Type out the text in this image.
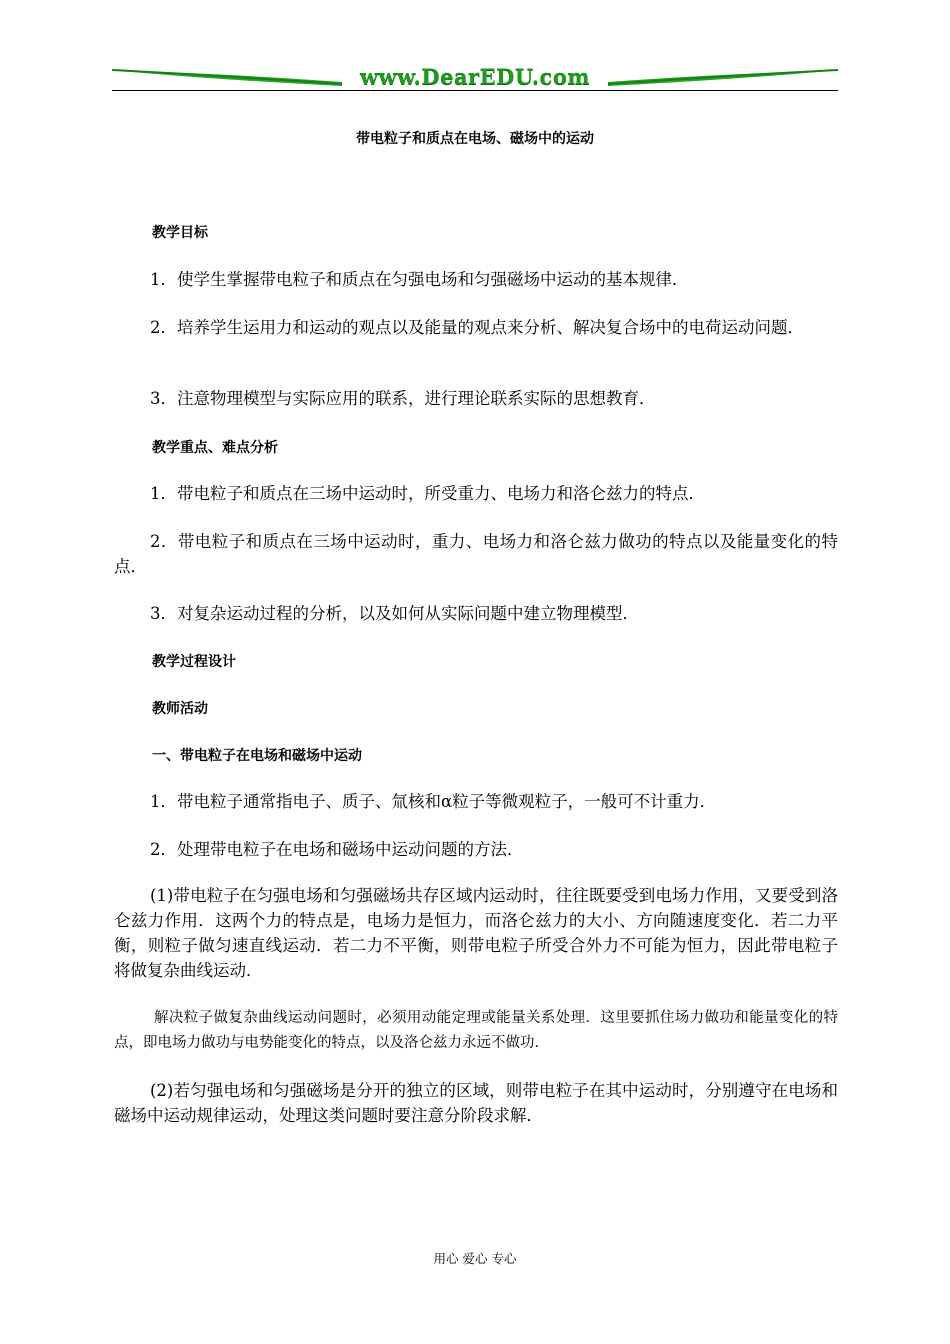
www.DearEDU.com
带电粒子和质点在电场、磁场中的运动
教学目标
1．使学生掌握带电粒子和质点在匀强电场和匀强磁场中运动的基本规律．
2．培养学生运用力和运动的观点以及能量的观点来分析、解决复合场中的电荷运动问题．
3．注意物理模型与实际应用的联系，进行理论联系实际的思想教育．
教学重点、难点分析
1．带电粒子和质点在三场中运动时，所受重力、电场力和洛仑兹力的特点．
2．带电粒子和质点在三场中运动时，重力、电场力和洛仑兹力做功的特点以及能量变化的特点．
3．对复杂运动过程的分析，以及如何从实际问题中建立物理模型．
教学过程设计
教师活动
一、带电粒子在电场和磁场中运动
1．带电粒子通常指电子、质子、氚核和α粒子等微观粒子，一般可不计重力．
2．处理带电粒子在电场和磁场中运动问题的方法．
(1)带电粒子在匀强电场和匀强磁场共存区域内运动时，往往既要受到电场力作用，又要受到洛仑兹力作用．这两个力的特点是，电场力是恒力，而洛仑兹力的大小、方向随速度变化．若二力平衡，则粒子做匀速直线运动．若二力不平衡，则带电粒子所受合外力不可能为恒力，因此带电粒子将做复杂曲线运动．
解决粒子做复杂曲线运动问题时，必须用动能定理或能量关系处理．这里要抓住场力做功和能量变化的特点，即电场力做功与电势能变化的特点，以及洛仑兹力永远不做功．
(2)若匀强电场和匀强磁场是分开的独立的区域，则带电粒子在其中运动时，分别遵守在电场和磁场中运动规律运动，处理这类问题时要注意分阶段求解．
用心 爱心 专心
